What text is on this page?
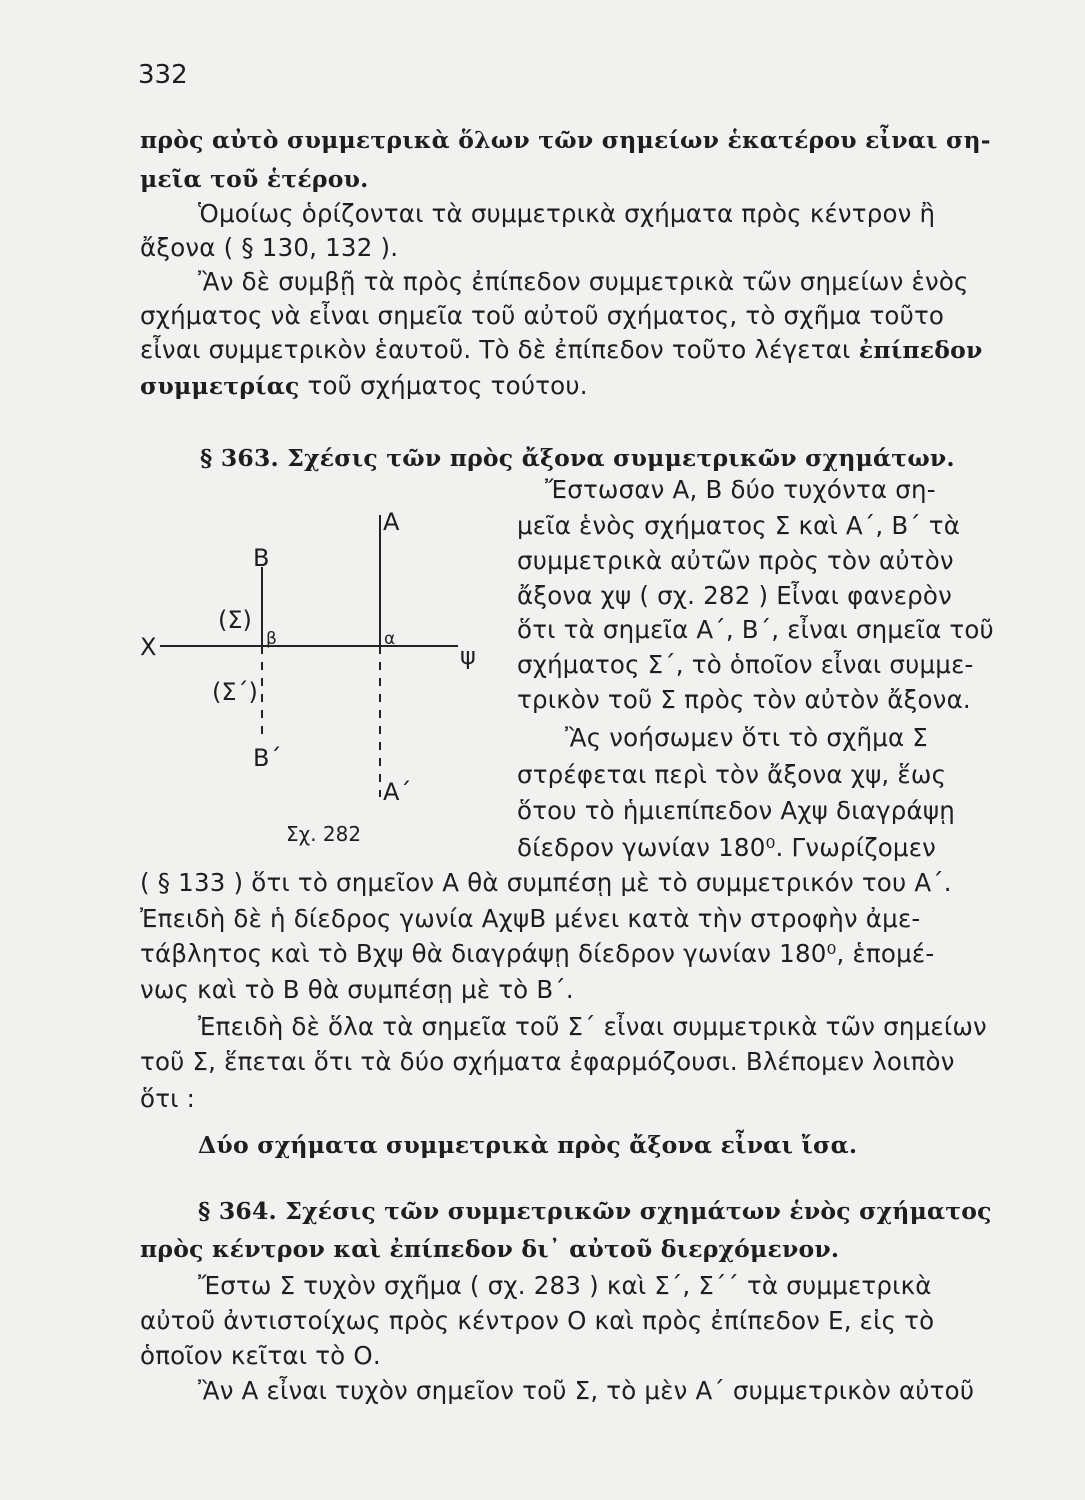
332
πρὸς αὐτὸ συμμετρικὰ ὅλων τῶν σημείων ἑκατέρου εἶναι ση-
μεῖα τοῦ ἑτέρου.
Ὁμοίως ὁρίζονται τὰ συμμετρικὰ σχήματα πρὸς κέντρον ἢ
ἄξονα ( § 130, 132 ).
Ἂν δὲ συμβῇ τὰ πρὸς ἐπίπεδον συμμετρικὰ τῶν σημείων ἑνὸς
σχήματος νὰ εἶναι σημεῖα τοῦ αὐτοῦ σχήματος, τὸ σχῆμα τοῦτο
εἶναι συμμετρικὸν ἑαυτοῦ. Τὸ δὲ ἐπίπεδον τοῦτο λέγεται ἐπίπεδον
συμμετρίας τοῦ σχήματος τούτου.
§ 363. Σχέσις τῶν πρὸς ἄξονα συμμετρικῶν σχημάτων.
Ἔστωσαν Α, Β δύο τυχόντα ση-
μεῖα ἑνὸς σχήματος Σ καὶ Α΄, Β΄ τὰ
συμμετρικὰ αὐτῶν πρὸς τὸν αὐτὸν
ἄξονα χψ ( σχ. 282 ) Εἶναι φανερὸν
ὅτι τὰ σημεῖα Α΄, Β΄, εἶναι σημεῖα τοῦ
σχήματος Σ΄, τὸ ὁποῖον εἶναι συμμε-
τρικὸν τοῦ Σ πρὸς τὸν αὐτὸν ἄξονα.
Ἂς νοήσωμεν ὅτι τὸ σχῆμα Σ
στρέφεται περὶ τὸν ἄξονα χψ, ἕως
ὅτου τὸ ἡμιεπίπεδον Αχψ διαγράψῃ
δίεδρον γωνίαν 180⁰. Γνωρίζομεν
( § 133 ) ὅτι τὸ σημεῖον Α θὰ συμπέσῃ μὲ τὸ συμμετρικόν του Α΄.
Ἐπειδὴ δὲ ἡ δίεδρος γωνία ΑχψΒ μένει κατὰ τὴν στροφὴν ἀμε-
τάβλητος καὶ τὸ Βχψ θὰ διαγράψῃ δίεδρον γωνίαν 180⁰, ἑπομέ-
νως καὶ τὸ Β θὰ συμπέσῃ μὲ τὸ Β΄.
Ἐπειδὴ δὲ ὅλα τὰ σημεῖα τοῦ Σ΄ εἶναι συμμετρικὰ τῶν σημείων
τοῦ Σ, ἕπεται ὅτι τὰ δύο σχήματα ἐφαρμόζουσι. Βλέπομεν λοιπὸν
ὅτι :
Δύο σχήματα συμμετρικὰ πρὸς ἄξονα εἶναι ἴσα.
§ 364. Σχέσις τῶν συμμετρικῶν σχημάτων ἑνὸς σχήματος
πρὸς κέντρον καὶ ἐπίπεδον δι᾽ αὐτοῦ διερχόμενον.
Ἔστω Σ τυχὸν σχῆμα ( σχ. 283 ) καὶ Σ΄, Σ΄΄ τὰ συμμετρικὰ
αὐτοῦ ἀντιστοίχως πρὸς κέντρον Ο καὶ πρὸς ἐπίπεδον Ε, εἰς τὸ
ὁποῖον κεῖται τὸ Ο.
Ἂν Α εἶναι τυχὸν σημεῖον τοῦ Σ, τὸ μὲν Α΄ συμμετρικὸν αὐτοῦ
Α
Β
(Σ)
β	α
Χ	ψ
(Σ΄)
Β΄
Α΄
Σχ. 282
